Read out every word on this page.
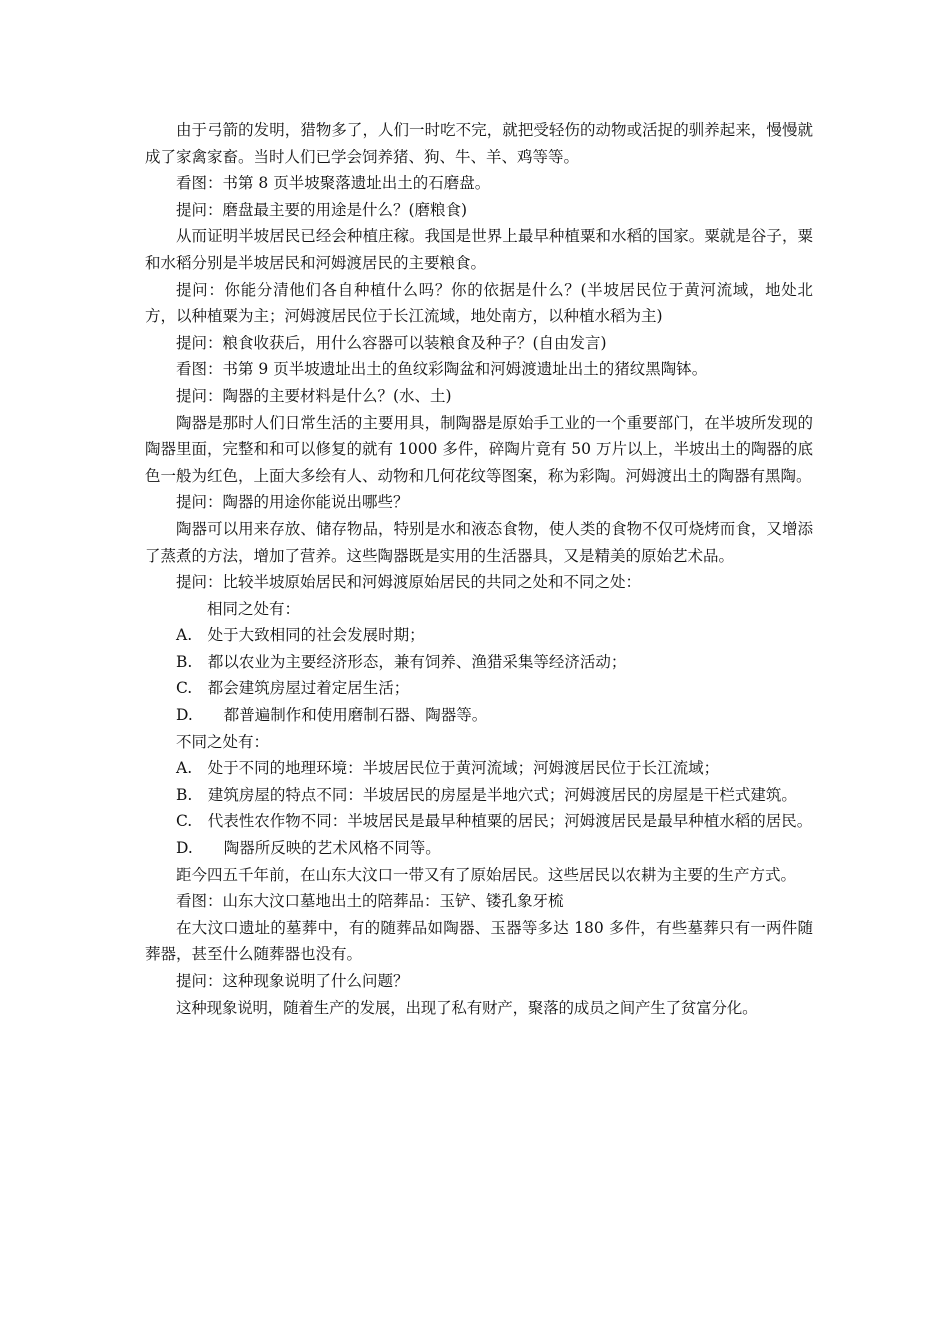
由于弓箭的发明，猎物多了，人们一时吃不完，就把受轻伤的动物或活捉的驯养起来，慢慢就成了家禽家畜。当时人们已学会饲养猪、狗、牛、羊、鸡等等。

看图：书第 8 页半坡聚落遗址出土的石磨盘。

提问：磨盘最主要的用途是什么？(磨粮食)

从而证明半坡居民已经会种植庄稼。我国是世界上最早种植粟和水稻的国家。粟就是谷子，粟和水稻分别是半坡居民和河姆渡居民的主要粮食。

提问：你能分清他们各自种植什么吗？你的依据是什么？(半坡居民位于黄河流域，地处北方，以种植粟为主；河姆渡居民位于长江流域，地处南方，以种植水稻为主)

提问：粮食收获后，用什么容器可以装粮食及种子？(自由发言)

看图：书第 9 页半坡遗址出土的鱼纹彩陶盆和河姆渡遗址出土的猪纹黑陶钵。

提问：陶器的主要材料是什么？(水、土)

陶器是那时人们日常生活的主要用具，制陶器是原始手工业的一个重要部门，在半坡所发现的陶器里面，完整和和可以修复的就有 1000 多件，碎陶片竟有 50 万片以上，半坡出土的陶器的底色一般为红色，上面大多绘有人、动物和几何花纹等图案，称为彩陶。河姆渡出土的陶器有黑陶。

提问：陶器的用途你能说出哪些？

陶器可以用来存放、储存物品，特别是水和液态食物，使人类的食物不仅可烧烤而食，又增添了蒸煮的方法，增加了营养。这些陶器既是实用的生活器具，又是精美的原始艺术品。

提问：比较半坡原始居民和河姆渡原始居民的共同之处和不同之处：

相同之处有：

A.　处于大致相同的社会发展时期；

B.　都以农业为主要经济形态，兼有饲养、渔猎采集等经济活动；

C.　都会建筑房屋过着定居生活；

D.　　都普遍制作和使用磨制石器、陶器等。

不同之处有：

A.　处于不同的地理环境：半坡居民位于黄河流域；河姆渡居民位于长江流域；

B.　建筑房屋的特点不同：半坡居民的房屋是半地穴式；河姆渡居民的房屋是干栏式建筑。

C.　代表性农作物不同：半坡居民是最早种植粟的居民；河姆渡居民是最早种植水稻的居民。

D.　　陶器所反映的艺术风格不同等。

距今四五千年前，在山东大汶口一带又有了原始居民。这些居民以农耕为主要的生产方式。

看图：山东大汶口墓地出土的陪葬品：玉铲、镂孔象牙梳

在大汶口遗址的墓葬中，有的随葬品如陶器、玉器等多达 180 多件，有些墓葬只有一两件随葬器，甚至什么随葬器也没有。

提问：这种现象说明了什么问题？

这种现象说明，随着生产的发展，出现了私有财产，聚落的成员之间产生了贫富分化。
